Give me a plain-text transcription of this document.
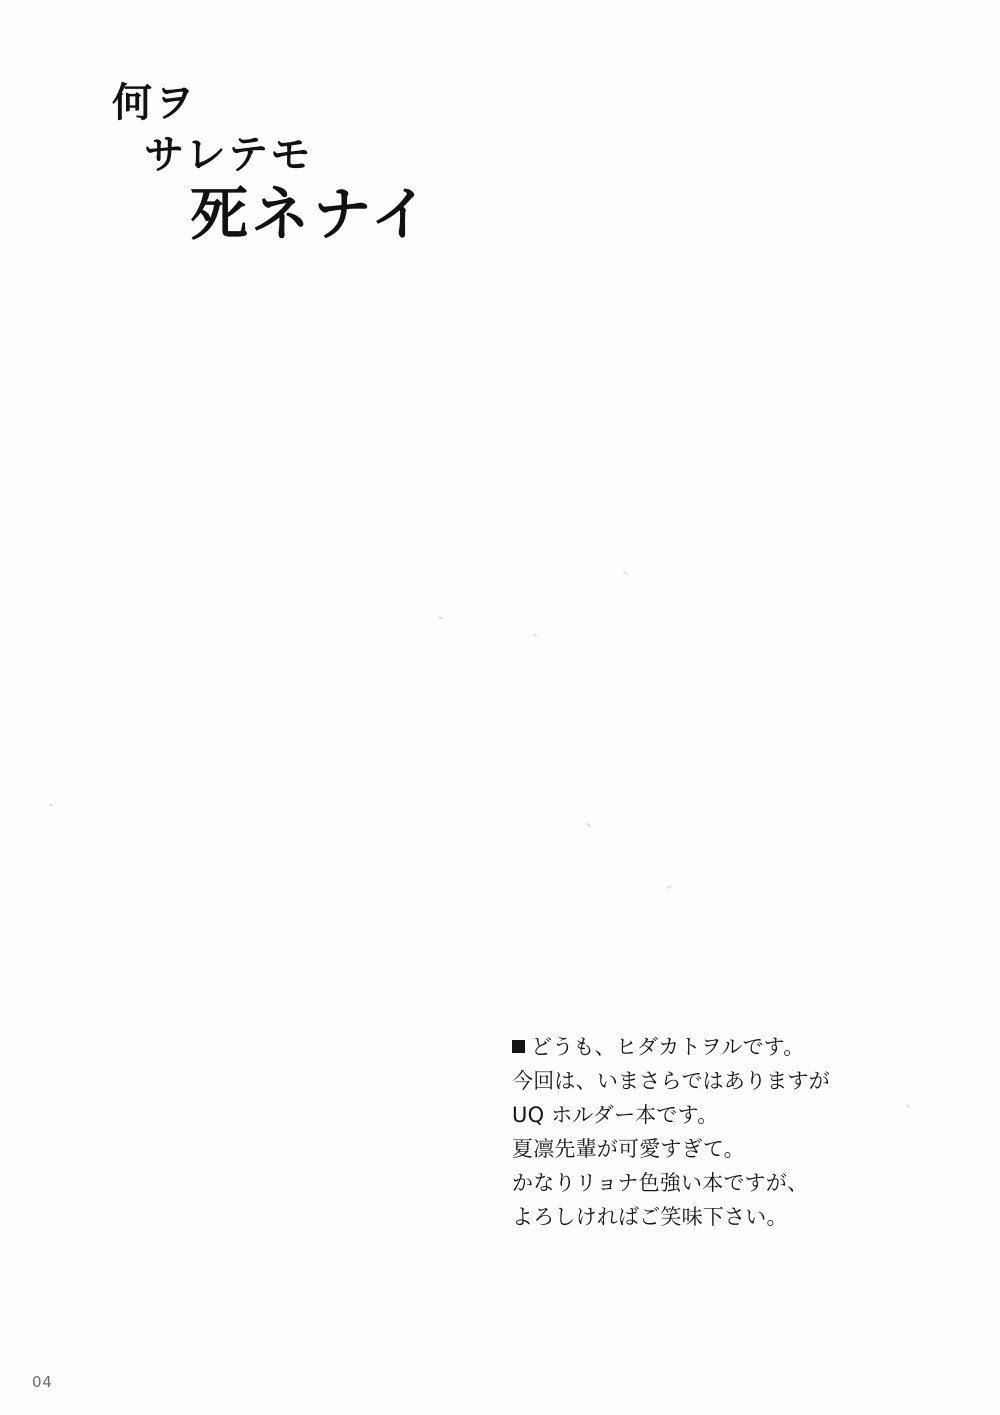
何ヲ
サレテモ
死ネナイ

どうも、ヒダカトヲルです。

今回は、いまさらではありますが

UQ ホルダー本です。

夏凛先輩が可愛すぎて。

かなりリョナ色強い本ですが、

よろしければご笑味下さい。

04
